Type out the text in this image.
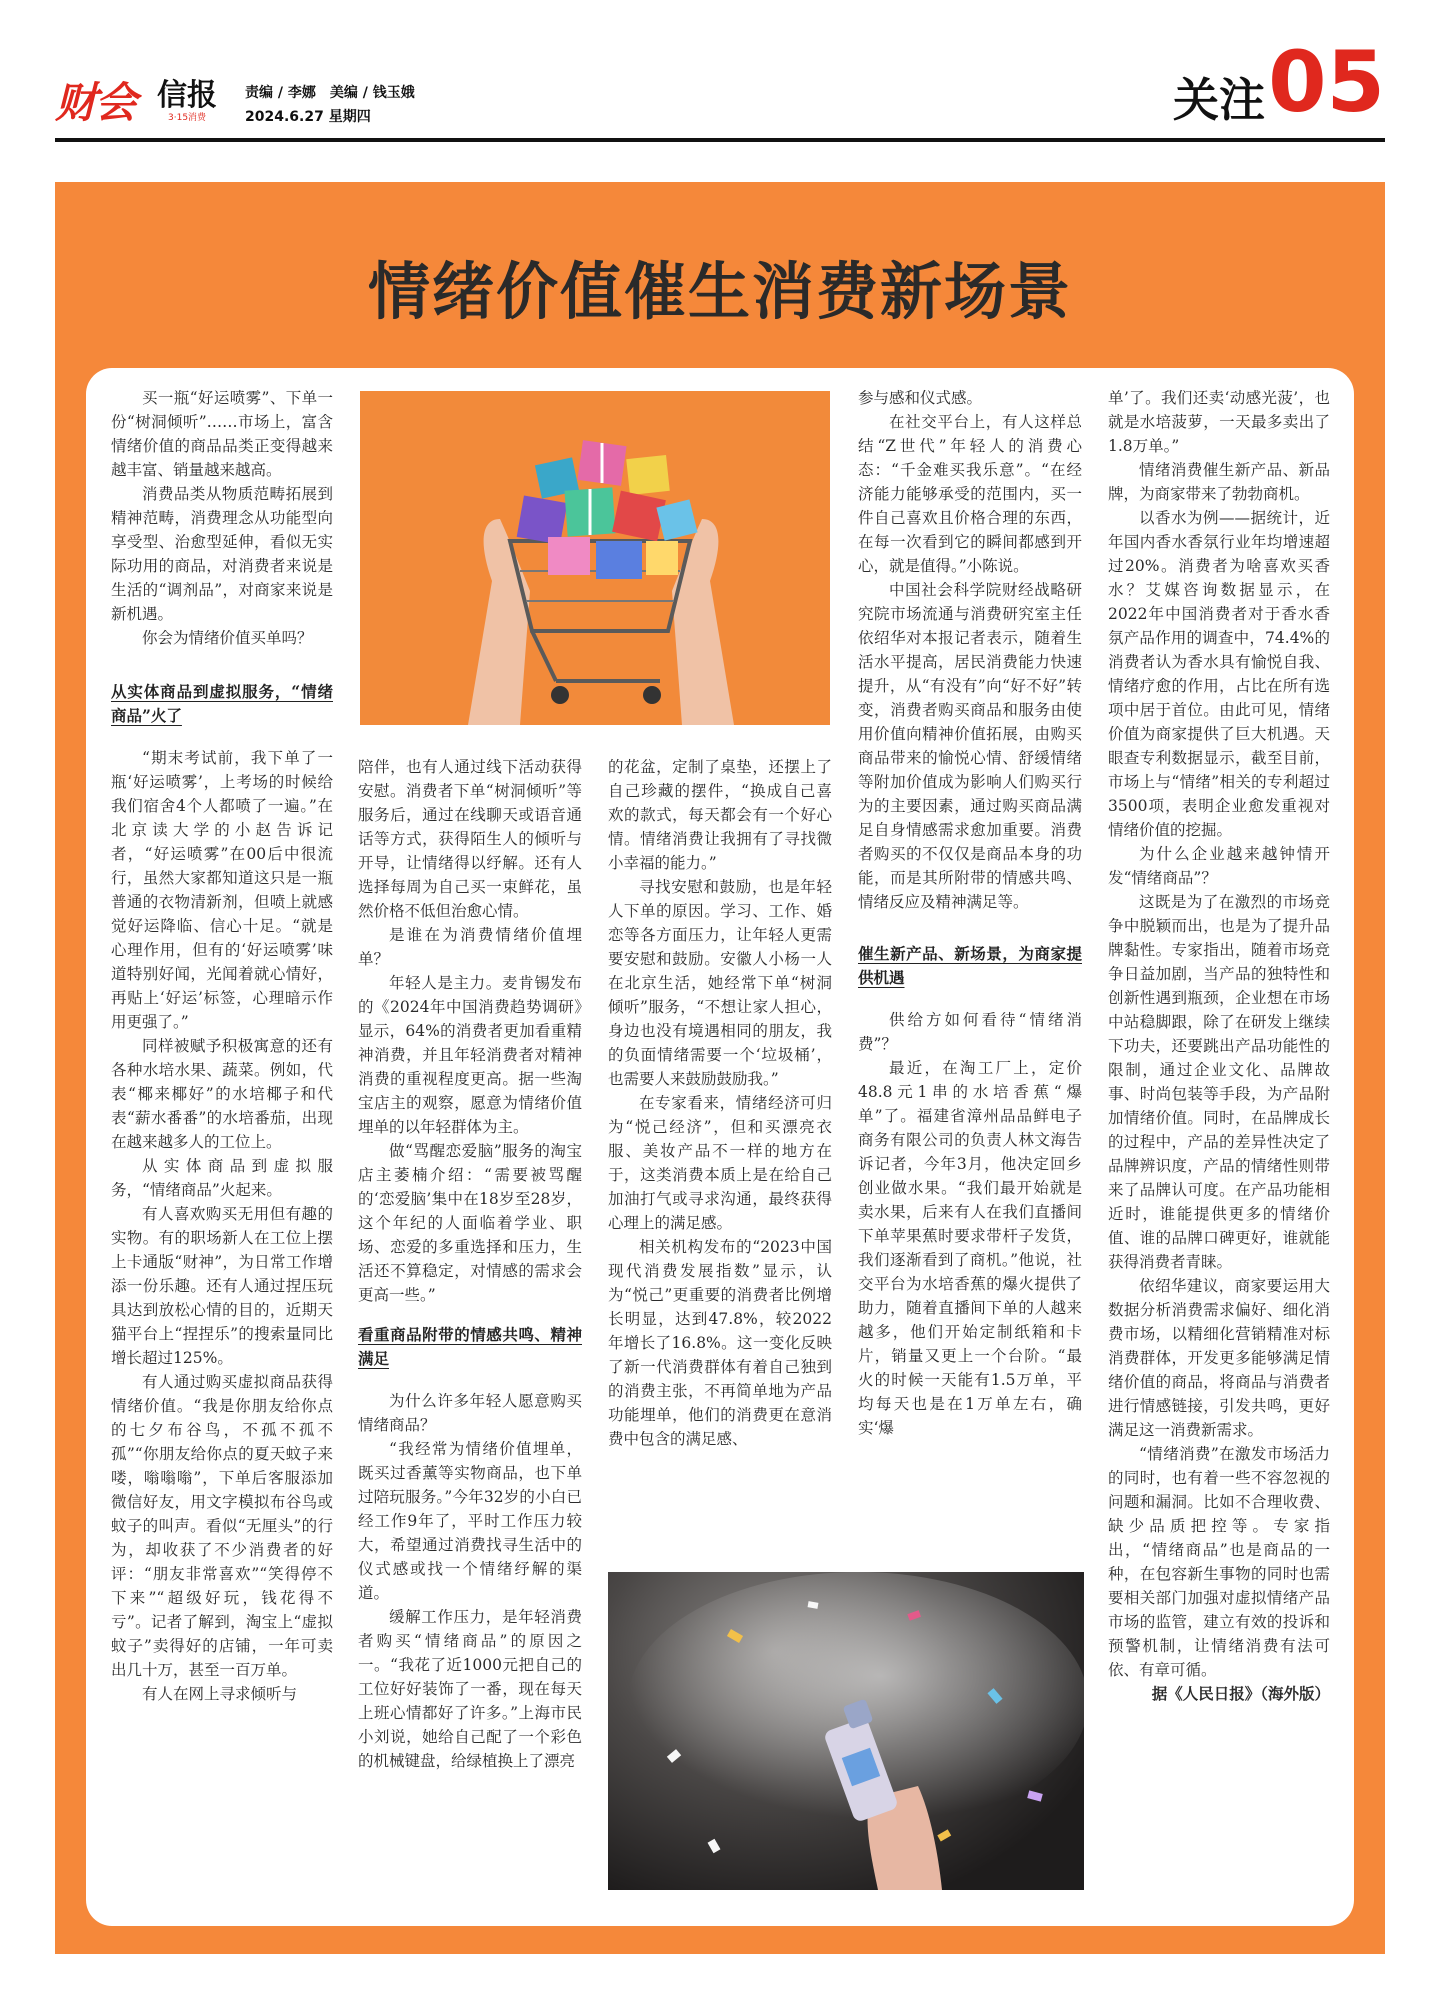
财会 信报
3·15消费
责编 / 李娜　美编 / 钱玉娥
2024.6.27 星期四	关注 05
情绪价值催生消费新场景

买一瓶“好运喷雾”、下单一份“树洞倾听”……市场上，富含情绪价值的商品品类正变得越来越丰富、销量越来越高。

消费品类从物质范畴拓展到精神范畴，消费理念从功能型向享受型、治愈型延伸，看似无实际功用的商品，对消费者来说是生活的“调剂品”，对商家来说是新机遇。

你会为情绪价值买单吗？

从实体商品到虚拟服务，“情绪商品”火了

“期末考试前，我下单了一瓶‘好运喷雾’，上考场的时候给我们宿舍4个人都喷了一遍。”在北京读大学的小赵告诉记者，“好运喷雾”在00后中很流行，虽然大家都知道这只是一瓶普通的衣物清新剂，但喷上就感觉好运降临、信心十足。“就是心理作用，但有的‘好运喷雾’味道特别好闻，光闻着就心情好，再贴上‘好运’标签，心理暗示作用更强了。”

同样被赋予积极寓意的还有各种水培水果、蔬菜。例如，代表“椰来椰好”的水培椰子和代表“薪水番番”的水培番茄，出现在越来越多人的工位上。

从实体商品到虚拟服务，“情绪商品”火起来。

有人喜欢购买无用但有趣的实物。有的职场新人在工位上摆上卡通版“财神”，为日常工作增添一份乐趣。还有人通过捏压玩具达到放松心情的目的，近期天猫平台上“捏捏乐”的搜索量同比增长超过125%。

有人通过购买虚拟商品获得情绪价值。“我是你朋友给你点的七夕布谷鸟，不孤不孤不孤”“你朋友给你点的夏天蚊子来喽，嗡嗡嗡”，下单后客服添加微信好友，用文字模拟布谷鸟或蚊子的叫声。看似“无厘头”的行为，却收获了不少消费者的好评：“朋友非常喜欢”“笑得停不下来”“超级好玩，钱花得不亏”。记者了解到，淘宝上“虚拟蚊子”卖得好的店铺，一年可卖出几十万，甚至一百万单。

有人在网上寻求倾听与

陪伴，也有人通过线下活动获得安慰。消费者下单“树洞倾听”等服务后，通过在线聊天或语音通话等方式，获得陌生人的倾听与开导，让情绪得以纾解。还有人选择每周为自己买一束鲜花，虽然价格不低但治愈心情。

是谁在为消费情绪价值埋单？

年轻人是主力。麦肯锡发布的《2024年中国消费趋势调研》显示，64%的消费者更加看重精神消费，并且年轻消费者对精神消费的重视程度更高。据一些淘宝店主的观察，愿意为情绪价值埋单的以年轻群体为主。

做“骂醒恋爱脑”服务的淘宝店主萎楠介绍：“需要被骂醒的‘恋爱脑’集中在18岁至28岁，这个年纪的人面临着学业、职场、恋爱的多重选择和压力，生活还不算稳定，对情感的需求会更高一些。”

看重商品附带的情感共鸣、精神满足

为什么许多年轻人愿意购买情绪商品？

“我经常为情绪价值埋单，既买过香薰等实物商品，也下单过陪玩服务。”今年32岁的小白已经工作9年了，平时工作压力较大，希望通过消费找寻生活中的仪式感或找一个情绪纾解的渠道。

缓解工作压力，是年轻消费者购买“情绪商品”的原因之一。“我花了近1000元把自己的工位好好装饰了一番，现在每天上班心情都好了许多。”上海市民小刘说，她给自己配了一个彩色的机械键盘，给绿植换上了漂亮

的花盆，定制了桌垫，还摆上了自己珍藏的摆件，“换成自己喜欢的款式，每天都会有一个好心情。情绪消费让我拥有了寻找微小幸福的能力。”

寻找安慰和鼓励，也是年轻人下单的原因。学习、工作、婚恋等各方面压力，让年轻人更需要安慰和鼓励。安徽人小杨一人在北京生活，她经常下单“树洞倾听”服务，“不想让家人担心，身边也没有境遇相同的朋友，我的负面情绪需要一个‘垃圾桶’，也需要人来鼓励鼓励我。”

在专家看来，情绪经济可归为“悦己经济”，但和买漂亮衣服、美妆产品不一样的地方在于，这类消费本质上是在给自己加油打气或寻求沟通，最终获得心理上的满足感。

相关机构发布的“2023中国现代消费发展指数”显示，认为“悦己”更重要的消费者比例增长明显，达到47.8%，较2022年增长了16.8%。这一变化反映了新一代消费群体有着自己独到的消费主张，不再简单地为产品功能埋单，他们的消费更在意消费中包含的满足感、

参与感和仪式感。

在社交平台上，有人这样总结“Z世代”年轻人的消费心态：“千金难买我乐意”。“在经济能力能够承受的范围内，买一件自己喜欢且价格合理的东西，在每一次看到它的瞬间都感到开心，就是值得。”小陈说。

中国社会科学院财经战略研究院市场流通与消费研究室主任依绍华对本报记者表示，随着生活水平提高，居民消费能力快速提升，从“有没有”向“好不好”转变，消费者购买商品和服务由使用价值向精神价值拓展，由购买商品带来的愉悦心情、舒缓情绪等附加价值成为影响人们购买行为的主要因素，通过购买商品满足自身情感需求愈加重要。消费者购买的不仅仅是商品本身的功能，而是其所附带的情感共鸣、情绪反应及精神满足等。

催生新产品、新场景，为商家提供机遇

供给方如何看待“情绪消费”？

最近，在淘工厂上，定价48.8元1串的水培香蕉“爆单”了。福建省漳州品品鲜电子商务有限公司的负责人林文海告诉记者，今年3月，他决定回乡创业做水果。“我们最开始就是卖水果，后来有人在我们直播间下单苹果蕉时要求带杆子发货，我们逐渐看到了商机。”他说，社交平台为水培香蕉的爆火提供了助力，随着直播间下单的人越来越多，他们开始定制纸箱和卡片，销量又更上一个台阶。“最火的时候一天能有1.5万单，平均每天也是在1万单左右，确实‘爆

单’了。我们还卖‘动感光菠’，也就是水培菠萝，一天最多卖出了1.8万单。”

情绪消费催生新产品、新品牌，为商家带来了勃勃商机。

以香水为例——据统计，近年国内香水香氛行业年均增速超过20%。消费者为啥喜欢买香水？艾媒咨询数据显示，在2022年中国消费者对于香水香氛产品作用的调查中，74.4%的消费者认为香水具有愉悦自我、情绪疗愈的作用，占比在所有选项中居于首位。由此可见，情绪价值为商家提供了巨大机遇。天眼查专利数据显示，截至目前，市场上与“情绪”相关的专利超过3500项，表明企业愈发重视对情绪价值的挖掘。

为什么企业越来越钟情开发“情绪商品”？

这既是为了在激烈的市场竞争中脱颖而出，也是为了提升品牌黏性。专家指出，随着市场竞争日益加剧，当产品的独特性和创新性遇到瓶颈，企业想在市场中站稳脚跟，除了在研发上继续下功夫，还要跳出产品功能性的限制，通过企业文化、品牌故事、时尚包装等手段，为产品附加情绪价值。同时，在品牌成长的过程中，产品的差异性决定了品牌辨识度，产品的情绪性则带来了品牌认可度。在产品功能相近时，谁能提供更多的情绪价值、谁的品牌口碑更好，谁就能获得消费者青睐。

依绍华建议，商家要运用大数据分析消费需求偏好、细化消费市场，以精细化营销精准对标消费群体，开发更多能够满足情绪价值的商品，将商品与消费者进行情感链接，引发共鸣，更好满足这一消费新需求。

“情绪消费”在激发市场活力的同时，也有着一些不容忽视的问题和漏洞。比如不合理收费、缺少品质把控等。专家指出，“情绪商品”也是商品的一种，在包容新生事物的同时也需要相关部门加强对虚拟情绪产品市场的监管，建立有效的投诉和预警机制，让情绪消费有法可依、有章可循。

据《人民日报》（海外版）
